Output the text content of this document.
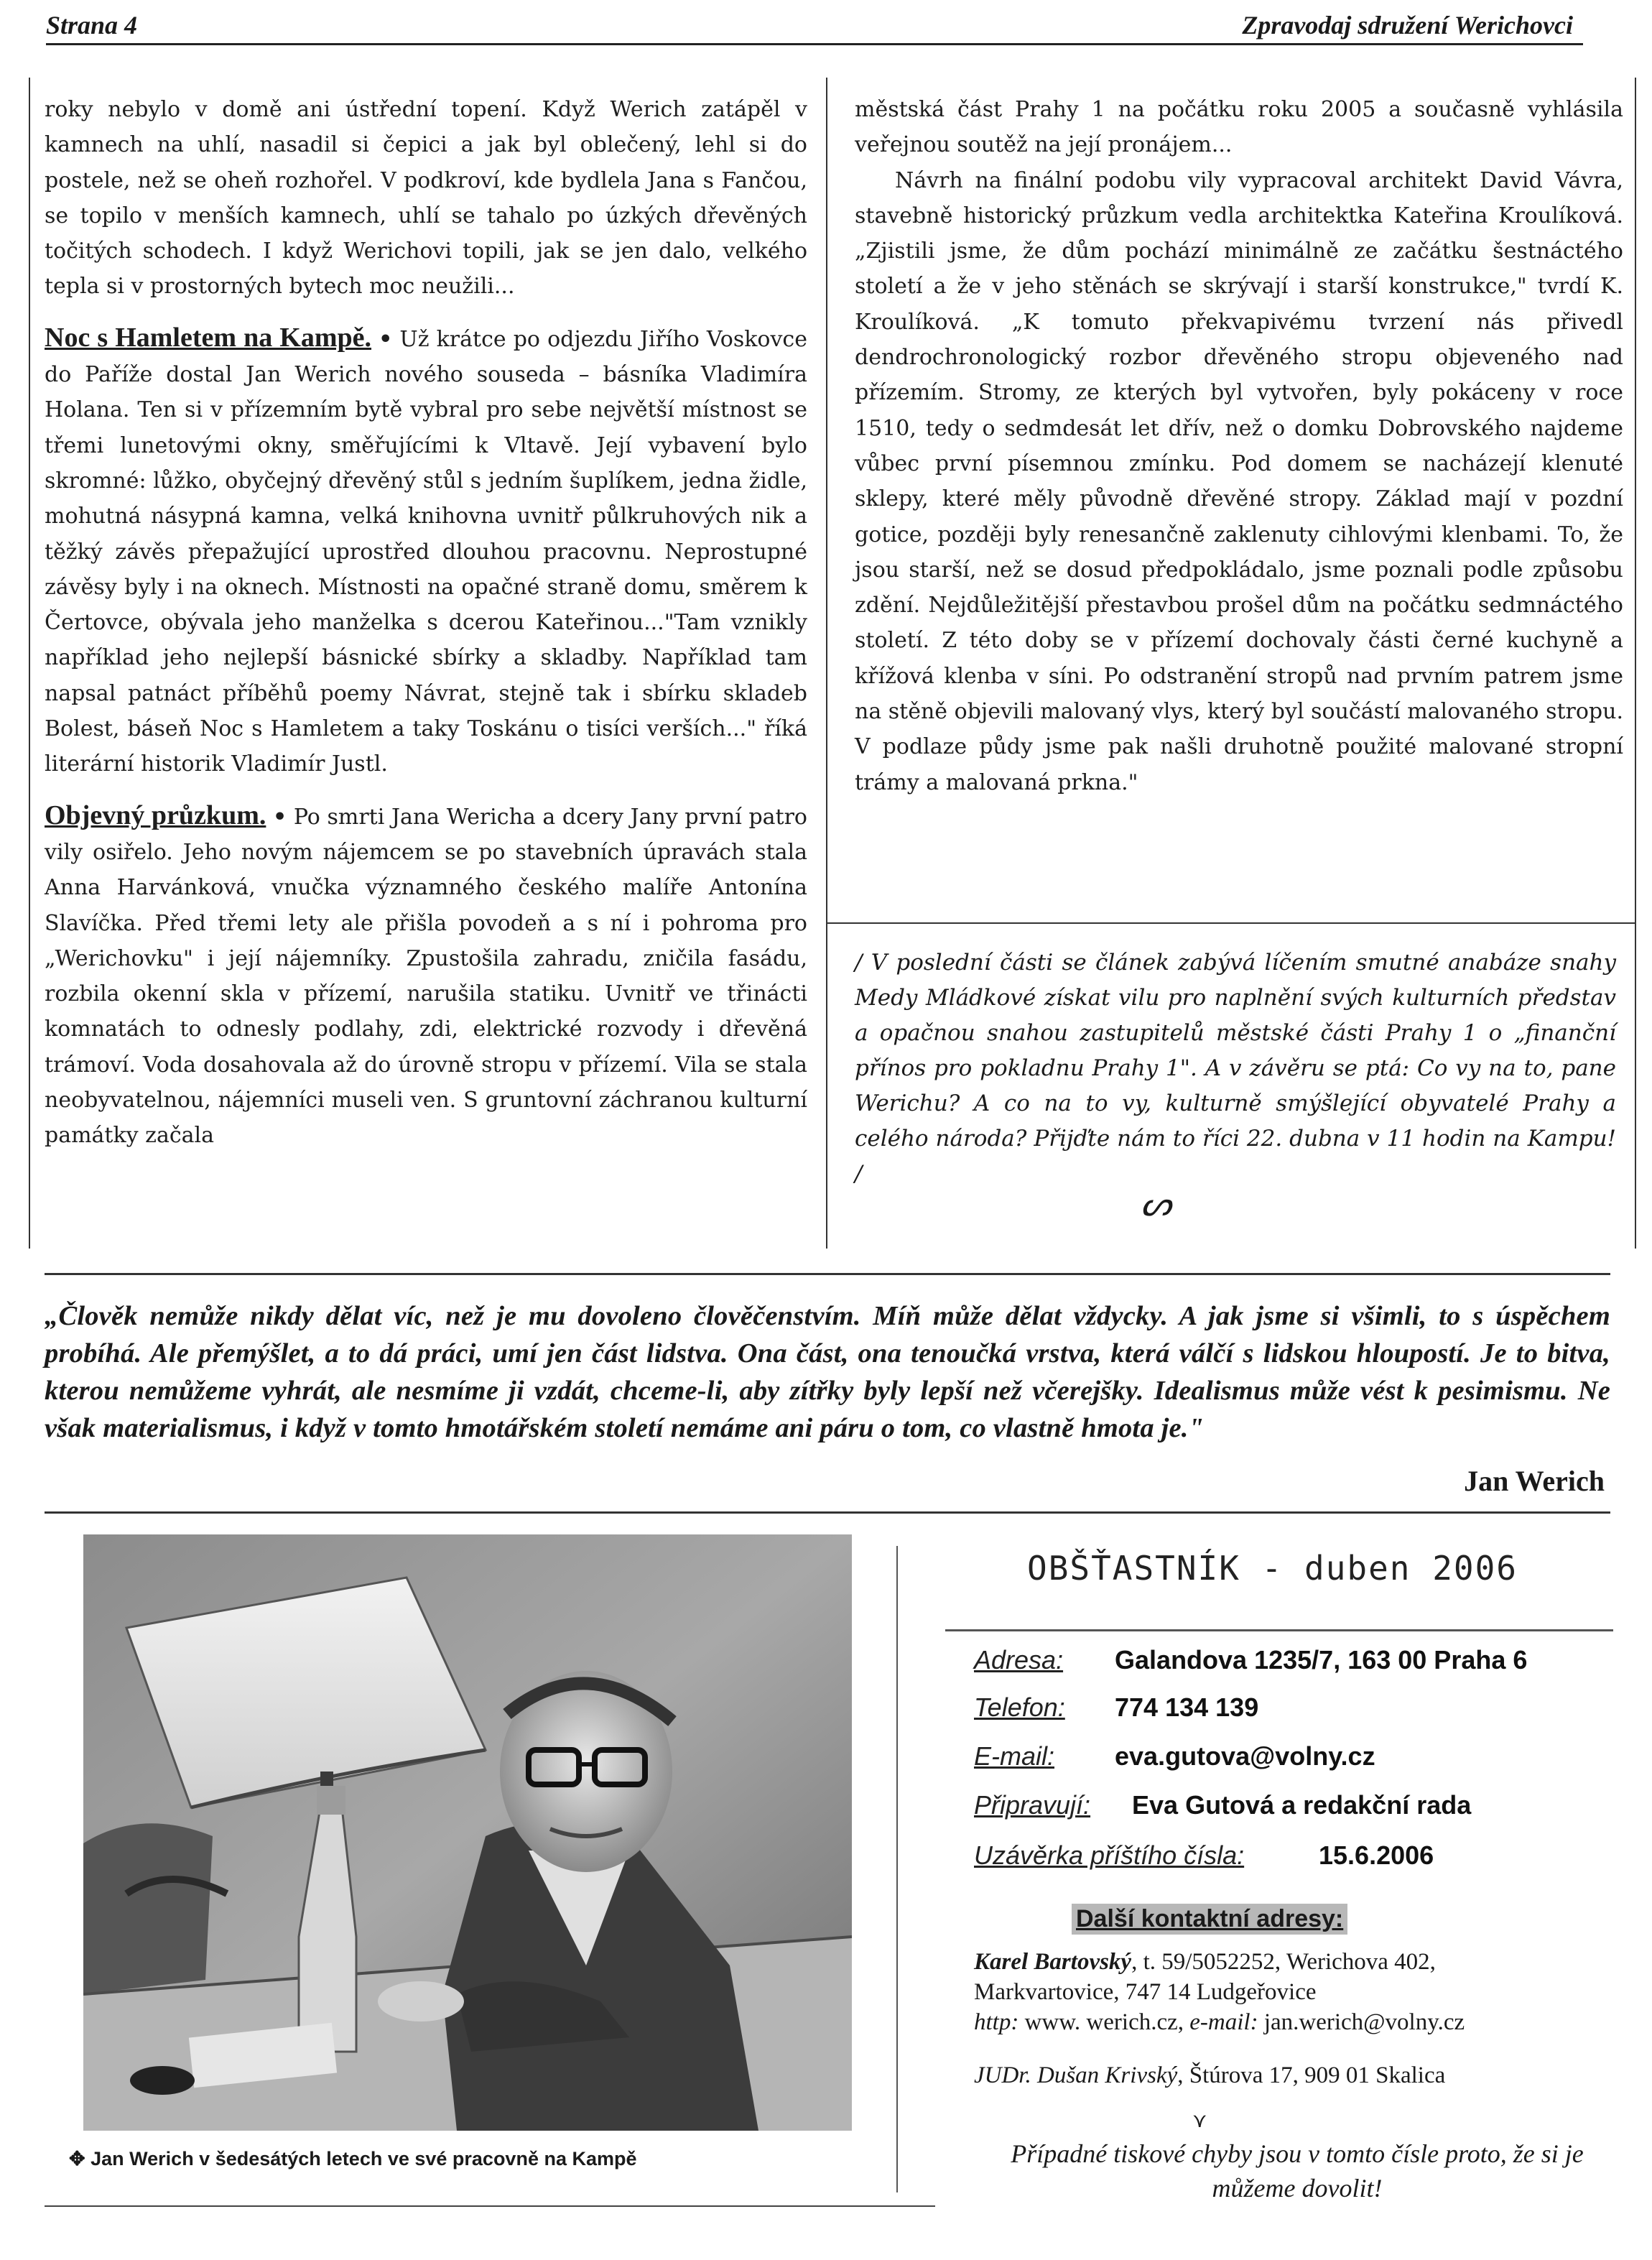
Strana 4	Zpravodaj sdružení Werichovci

roky nebylo v domě ani ústřední topení. Když Werich zatápěl v kamnech na uhlí, nasadil si čepici a jak byl oblečený, lehl si do postele, než se oheň rozhořel. V podkroví, kde bydlela Jana s Fančou, se topilo v menších kamnech, uhlí se tahalo po úzkých dřevěných točitých schodech. I když Werichovi topili, jak se jen dalo, velkého tepla si v prostorných bytech moc neužili...

Noc s Hamletem na Kampě. • Už krátce po odjezdu Jiřího Voskovce do Paříže dostal Jan Werich nového souseda – básníka Vladimíra Holana. Ten si v přízemním bytě vybral pro sebe největší místnost se třemi lunetovými okny, směřujícími k Vltavě. Její vybavení bylo skromné: lůžko, obyčejný dřevěný stůl s jedním šuplíkem, jedna židle, mohutná násypná kamna, velká knihovna uvnitř půlkruhových nik a těžký závěs přepažující uprostřed dlouhou pracovnu. Neprostupné závěsy byly i na oknech. Místnosti na opačné straně domu, směrem k Čertovce, obývala jeho manželka s dcerou Kateřinou..."Tam vznikly například jeho nejlepší básnické sbírky a skladby. Například tam napsal patnáct příběhů poemy Návrat, stejně tak i sbírku skladeb Bolest, báseň Noc s Hamletem a taky Toskánu o tisíci verších..." říká literární historik Vladimír Justl.

Objevný průzkum. • Po smrti Jana Wericha a dcery Jany první patro vily osiřelo. Jeho novým nájemcem se po stavebních úpravách stala Anna Harvánková, vnučka významného českého malíře Antonína Slavíčka. Před třemi lety ale přišla povodeň a s ní i pohroma pro „Werichovku" i její nájemníky. Zpustošila zahradu, zničila fasádu, rozbila okenní skla v přízemí, narušila statiku. Uvnitř ve třinácti komnatách to odnesly podlahy, zdi, elektrické rozvody i dřevěná trámoví. Voda dosahovala až do úrovně stropu v přízemí. Vila se stala neobyvatelnou, nájemníci museli ven. S gruntovní záchranou kulturní památky začala

městská část Prahy 1 na počátku roku 2005 a současně vyhlásila veřejnou soutěž na její pronájem...

Návrh na finální podobu vily vypracoval architekt David Vávra, stavebně historický průzkum vedla architektka Kateřina Kroulíková. „Zjistili jsme, že dům pochází minimálně ze začátku šestnáctého století a že v jeho stěnách se skrývají i starší konstrukce," tvrdí K. Kroulíková. „K tomuto překvapivému tvrzení nás přivedl dendrochronologický rozbor dřevěného stropu objeveného nad přízemím. Stromy, ze kterých byl vytvořen, byly pokáceny v roce 1510, tedy o sedmdesát let dřív, než o domku Dobrovského najdeme vůbec první písemnou zmínku. Pod domem se nacházejí klenuté sklepy, které měly původně dřevěné stropy. Základ mají v pozdní gotice, později byly renesančně zaklenuty cihlovými klenbami. To, že jsou starší, než se dosud předpokládalo, jsme poznali podle způsobu zdění. Nejdůležitější přestavbou prošel dům na počátku sedmnáctého století. Z této doby se v přízemí dochovaly části černé kuchyně a křížová klenba v síni. Po odstranění stropů nad prvním patrem jsme na stěně objevili malovaný vlys, který byl součástí malovaného stropu. V podlaze půdy jsme pak našli druhotně použité malované stropní trámy a malovaná prkna."

/ V poslední části se článek zabývá líčením smutné anabáze snahy Medy Mládkové získat vilu pro naplnění svých kulturních představ a opačnou snahou zastupitelů městské části Prahy 1 o „finanční přínos pro pokladnu Prahy 1". A v závěru se ptá: Co vy na to, pane Werichu? A co na to vy, kulturně smýšlející obyvatelé Prahy a celého národa? Přijďte nám to říci 22. dubna v 11 hodin na Kampu! /
ᔕ
„Člověk nemůže nikdy dělat víc, než je mu dovoleno člověčenstvím. Míň může dělat vždycky. A jak jsme si všimli, to s úspěchem probíhá. Ale přemýšlet, a to dá práci, umí jen část lidstva. Ona část, ona tenoučká vrstva, která válčí s lidskou hloupostí. Je to bitva, kterou nemůžeme vyhrát, ale nesmíme ji vzdát, chceme-li, aby zítřky byly lepší než včerejšky. Idealismus může vést k pesimismu. Ne však materialismus, i když v tomto hmotářském století nemáme ani páru o tom, co vlastně hmota je."
Jan Werich
✥ Jan Werich v šedesátých letech ve své pracovně na Kampě
OBŠŤASTNÍK - duben 2006
Adresa: Galandova 1235/7, 163 00 Praha 6
Telefon: 774 134 139
E-mail: eva.gutova@volny.cz
Připravují: Eva Gutová a redakční rada
Uzávěrka příštího čísla:	15.6.2006
Další kontaktní adresy:
Karel Bartovský, t. 59/5052252, Werichova 402,
Markvartovice, 747 14 Ludgeřovice
http: www. werich.cz, e-mail: jan.werich@volny.cz
JUDr. Dušan Krivský, Štúrova 17, 909 01 Skalica
⋎
Případné tiskové chyby jsou v tomto čísle proto, že si je můžeme dovolit!
